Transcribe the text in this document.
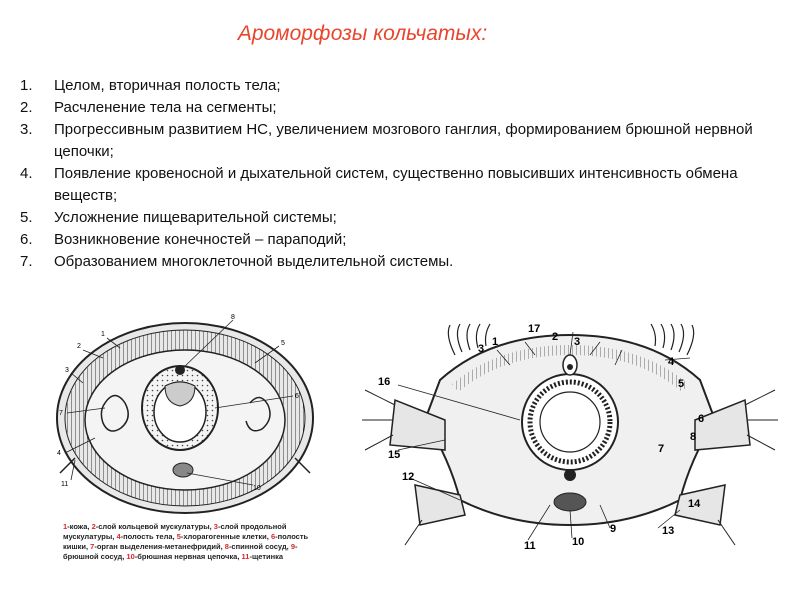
Ароморфозы кольчатых:
1.	Целом, вторичная полость тела;
2.	Расчленение тела на сегменты;
3.	Прогрессивным развитием НС, увеличением мозгового ганглия, формированием брюшной нервной цепочки;
4.	Появление кровеносной и дыхательной систем, существенно повысивших интенсивность обмена веществ;
5.	Усложнение пищеварительной системы;
6.	Возникновение конечностей – параподий;
7.	Образованием многоклеточной выделительной системы.
1
2
3
8
5
6
7
4
11
10
1-кожа, 2-слой кольцевой мускулатуры, 3-слой продольной мускулатуры, 4-полость тела, 5-хлорагогенные клетки, 6-полость кишки, 7-орган выделения-метанефридий, 8-спинной сосуд, 9-брюшной сосуд, 10-брюшная нервная цепочка, 11-щетинка
17
1	2
3
3
4
5
6
8
7
16
15
12
14
13
9
10
11
